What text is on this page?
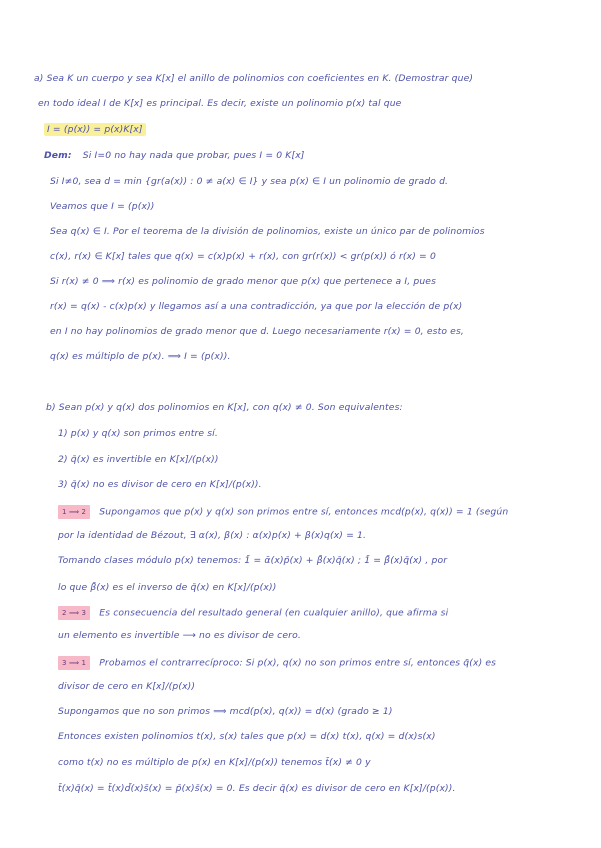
a) Sea K un cuerpo y sea K[x] el anillo de polinomios con coeficientes en K. (Demostrar que)
en todo ideal I de K[x] es principal. Es decir, existe un polinomio p(x) tal que
I = (p(x)) = p(x)K[x]
Dem: Si I=0 no hay nada que probar, pues I = 0 K[x]
Si I≠0, sea d = min {gr(a(x)) : 0 ≠ a(x) ∈ I} y sea p(x) ∈ I un polinomio de grado d.
Veamos que I = (p(x))
Sea q(x) ∈ I. Por el teorema de la división de polinomios, existe un único par de polinomios
c(x), r(x) ∈ K[x] tales que q(x) = c(x)p(x) + r(x), con gr(r(x)) < gr(p(x)) ó r(x) = 0
Si r(x) ≠ 0 ⟹ r(x) es polinomio de grado menor que p(x) que pertenece a I, pues
r(x) = q(x) - c(x)p(x) y llegamos así a una contradicción, ya que por la elección de p(x)
en I no hay polinomios de grado menor que d. Luego necesariamente r(x) = 0, esto es,
q(x) es múltiplo de p(x). ⟹ I = (p(x)).
b) Sean p(x) y q(x) dos polinomios en K[x], con q(x) ≠ 0. Son equivalentes:
1) p(x) y q(x) son primos entre sí.
2) q̄(x) es invertible en K[x]/(p(x))
3) q̄(x) no es divisor de cero en K[x]/(p(x)).
1 ⟹ 2 Supongamos que p(x) y q(x) son primos entre sí, entonces mcd(p(x), q(x)) = 1 (según
por la identidad de Bézout, ∃ α(x), β(x) : α(x)p(x) + β(x)q(x) = 1.
Tomando clases módulo p(x) tenemos: 1̄ = ᾱ(x)p̄(x) + β̄(x)q̄(x) ; 1̄ = β̄(x)q̄(x) , por
lo que β̄(x) es el inverso de q̄(x) en K[x]/(p(x))
2 ⟹ 3 Es consecuencia del resultado general (en cualquier anillo), que afirma si
un elemento es invertible ⟶ no es divisor de cero.
3 ⟹ 1 Probamos el contrarrecíproco: Si p(x), q(x) no son primos entre sí, entonces q̄(x) es
divisor de cero en K[x]/(p(x))
Supongamos que no son primos ⟹ mcd(p(x), q(x)) = d(x) (grado ≥ 1)
Entonces existen polinomios t(x), s(x) tales que p(x) = d(x) t(x), q(x) = d(x)s(x)
como t(x) no es múltiplo de p(x) en K[x]/(p(x)) tenemos t̄(x) ≠ 0 y
t̄(x)q̄(x) = t̄(x)d̄(x)s̄(x) = p̄(x)s̄(x) = 0. Es decir q̄(x) es divisor de cero en K[x]/(p(x)).
